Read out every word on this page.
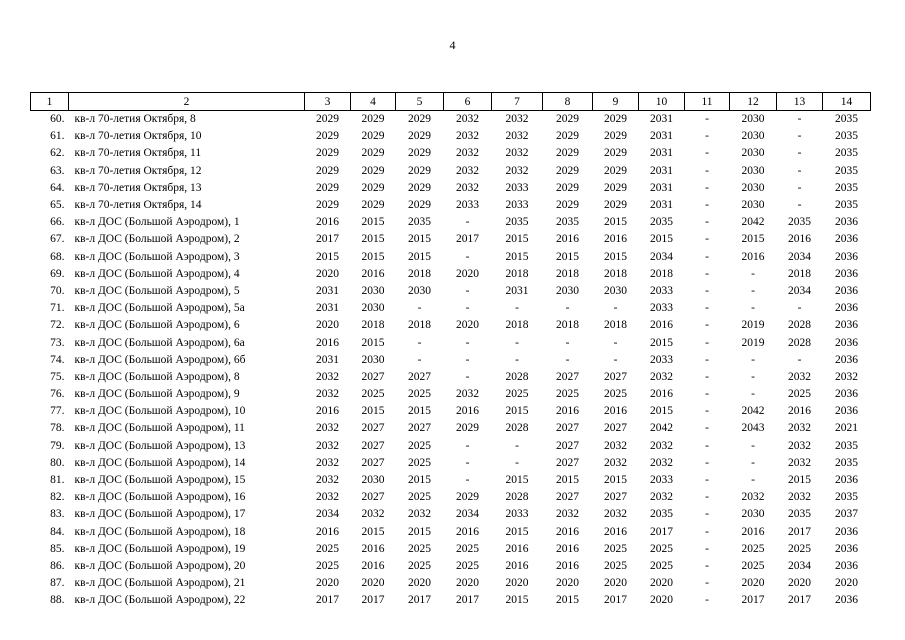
4
1	2	3	4	5	6	7	8	9	10	11	12	13	14
60.	кв-л 70-летия Октября, 8	2029	2029	2029	2032	2032	2029	2029	2031	-	2030	-	2035
61.	кв-л 70-летия Октября, 10	2029	2029	2029	2032	2032	2029	2029	2031	-	2030	-	2035
62.	кв-л 70-летия Октября, 11	2029	2029	2029	2032	2032	2029	2029	2031	-	2030	-	2035
63.	кв-л 70-летия Октября, 12	2029	2029	2029	2032	2032	2029	2029	2031	-	2030	-	2035
64.	кв-л 70-летия Октября, 13	2029	2029	2029	2032	2033	2029	2029	2031	-	2030	-	2035
65.	кв-л 70-летия Октября, 14	2029	2029	2029	2033	2033	2029	2029	2031	-	2030	-	2035
66.	кв-л ДОС (Большой Аэродром), 1	2016	2015	2035	-	2035	2035	2015	2035	-	2042	2035	2036
67.	кв-л ДОС (Большой Аэродром), 2	2017	2015	2015	2017	2015	2016	2016	2015	-	2015	2016	2036
68.	кв-л ДОС (Большой Аэродром), 3	2015	2015	2015	-	2015	2015	2015	2034	-	2016	2034	2036
69.	кв-л ДОС (Большой Аэродром), 4	2020	2016	2018	2020	2018	2018	2018	2018	-	-	2018	2036
70.	кв-л ДОС (Большой Аэродром), 5	2031	2030	2030	-	2031	2030	2030	2033	-	-	2034	2036
71.	кв-л ДОС (Большой Аэродром), 5а	2031	2030	-	-	-	-	-	2033	-	-	-	2036
72.	кв-л ДОС (Большой Аэродром), 6	2020	2018	2018	2020	2018	2018	2018	2016	-	2019	2028	2036
73.	кв-л ДОС (Большой Аэродром), 6а	2016	2015	-	-	-	-	-	2015	-	2019	2028	2036
74.	кв-л ДОС (Большой Аэродром), 6б	2031	2030	-	-	-	-	-	2033	-	-	-	2036
75.	кв-л ДОС (Большой Аэродром), 8	2032	2027	2027	-	2028	2027	2027	2032	-	-	2032	2032
76.	кв-л ДОС (Большой Аэродром), 9	2032	2025	2025	2032	2025	2025	2025	2016	-	-	2025	2036
77.	кв-л ДОС (Большой Аэродром), 10	2016	2015	2015	2016	2015	2016	2016	2015	-	2042	2016	2036
78.	кв-л ДОС (Большой Аэродром), 11	2032	2027	2027	2029	2028	2027	2027	2042	-	2043	2032	2021
79.	кв-л ДОС (Большой Аэродром), 13	2032	2027	2025	-	-	2027	2032	2032	-	-	2032	2035
80.	кв-л ДОС (Большой Аэродром), 14	2032	2027	2025	-	-	2027	2032	2032	-	-	2032	2035
81.	кв-л ДОС (Большой Аэродром), 15	2032	2030	2015	-	2015	2015	2015	2033	-	-	2015	2036
82.	кв-л ДОС (Большой Аэродром), 16	2032	2027	2025	2029	2028	2027	2027	2032	-	2032	2032	2035
83.	кв-л ДОС (Большой Аэродром), 17	2034	2032	2032	2034	2033	2032	2032	2035	-	2030	2035	2037
84.	кв-л ДОС (Большой Аэродром), 18	2016	2015	2015	2016	2015	2016	2016	2017	-	2016	2017	2036
85.	кв-л ДОС (Большой Аэродром), 19	2025	2016	2025	2025	2016	2016	2025	2025	-	2025	2025	2036
86.	кв-л ДОС (Большой Аэродром), 20	2025	2016	2025	2025	2016	2016	2025	2025	-	2025	2034	2036
87.	кв-л ДОС (Большой Аэродром), 21	2020	2020	2020	2020	2020	2020	2020	2020	-	2020	2020	2020
88.	кв-л ДОС (Большой Аэродром), 22	2017	2017	2017	2017	2015	2015	2017	2020	-	2017	2017	2036
